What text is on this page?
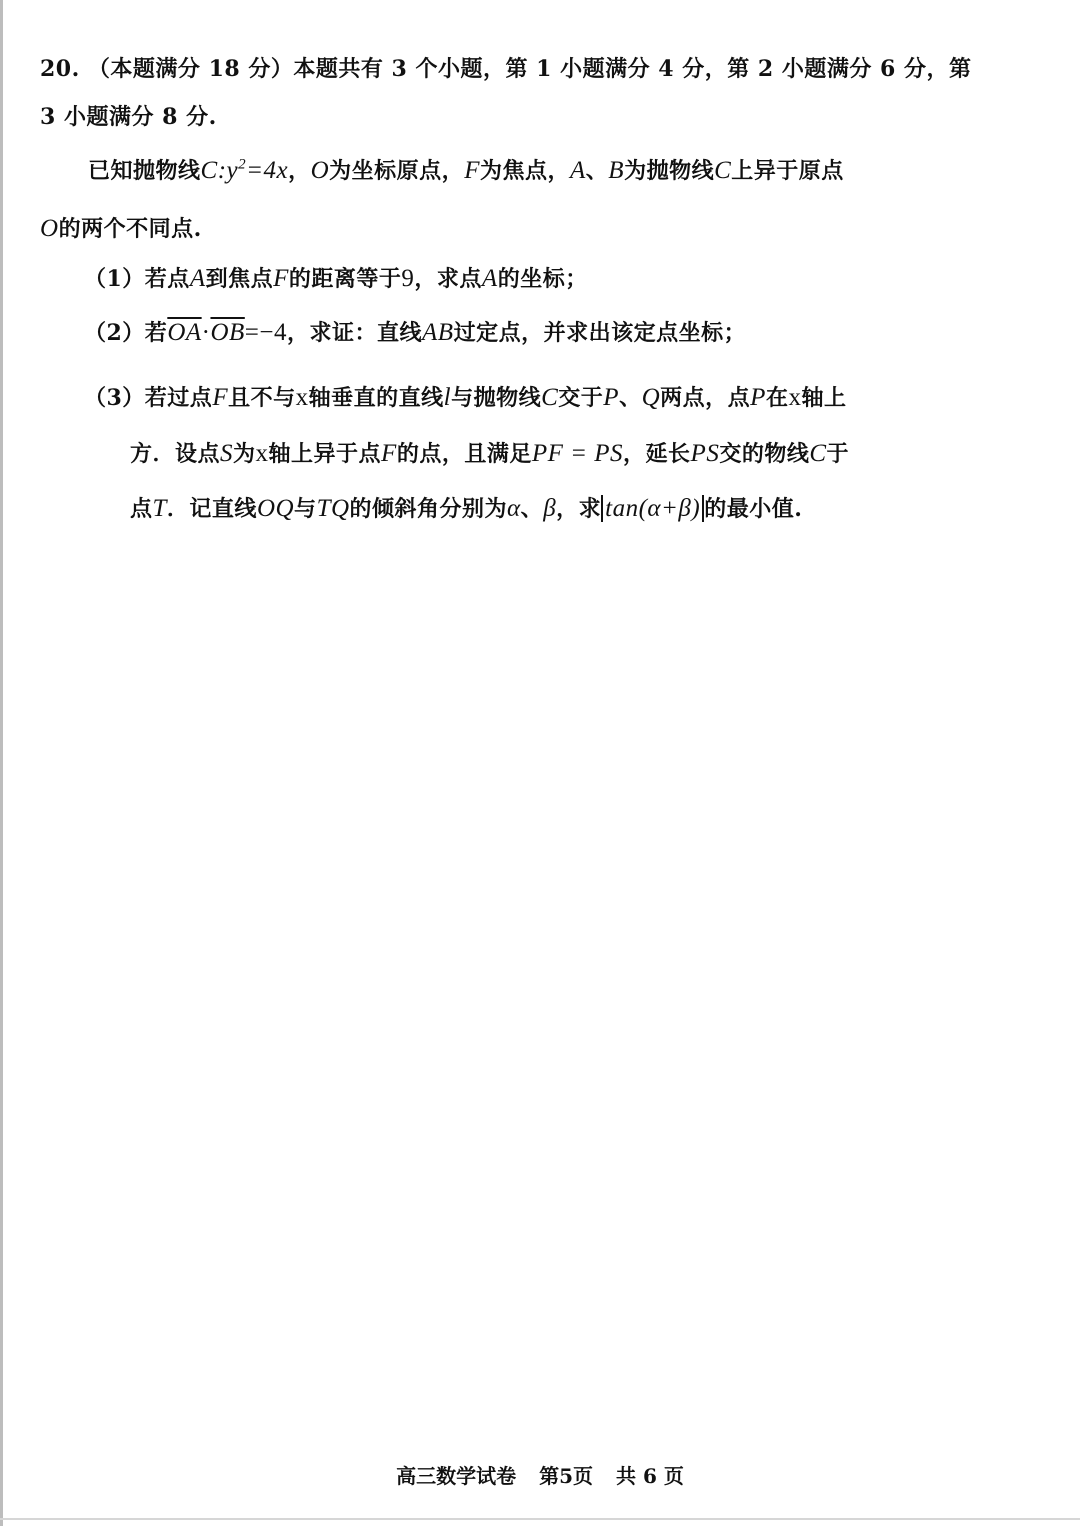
20. （本题满分 18 分）本题共有 3 个小题，第 1 小题满分 4 分，第 2 小题满分 6 分，第
3 小题满分 8 分.
已知抛物线$C:y^2=4x$，O为坐标原点，F为焦点，A、B为抛物线C上异于原点
O的两个不同点.
（1）若点A到焦点F的距离等于9，求点A的坐标；
（2）若$\overline{OA}\cdot\overline{OB}=-4$，求证：直线AB过定点，并求出该定点坐标；
（3）若过点F且不与x轴垂直的直线l与抛物线C交于P、Q两点，点P在x轴上
方．设点S为x轴上异于点F的点，且满足PF = PS，延长PS交的物线C于
点T．记直线OQ与TQ的倾斜角分别为α、β，求 tan(α+β) 的最小值.
高三数学试卷 第5页 共 6 页
